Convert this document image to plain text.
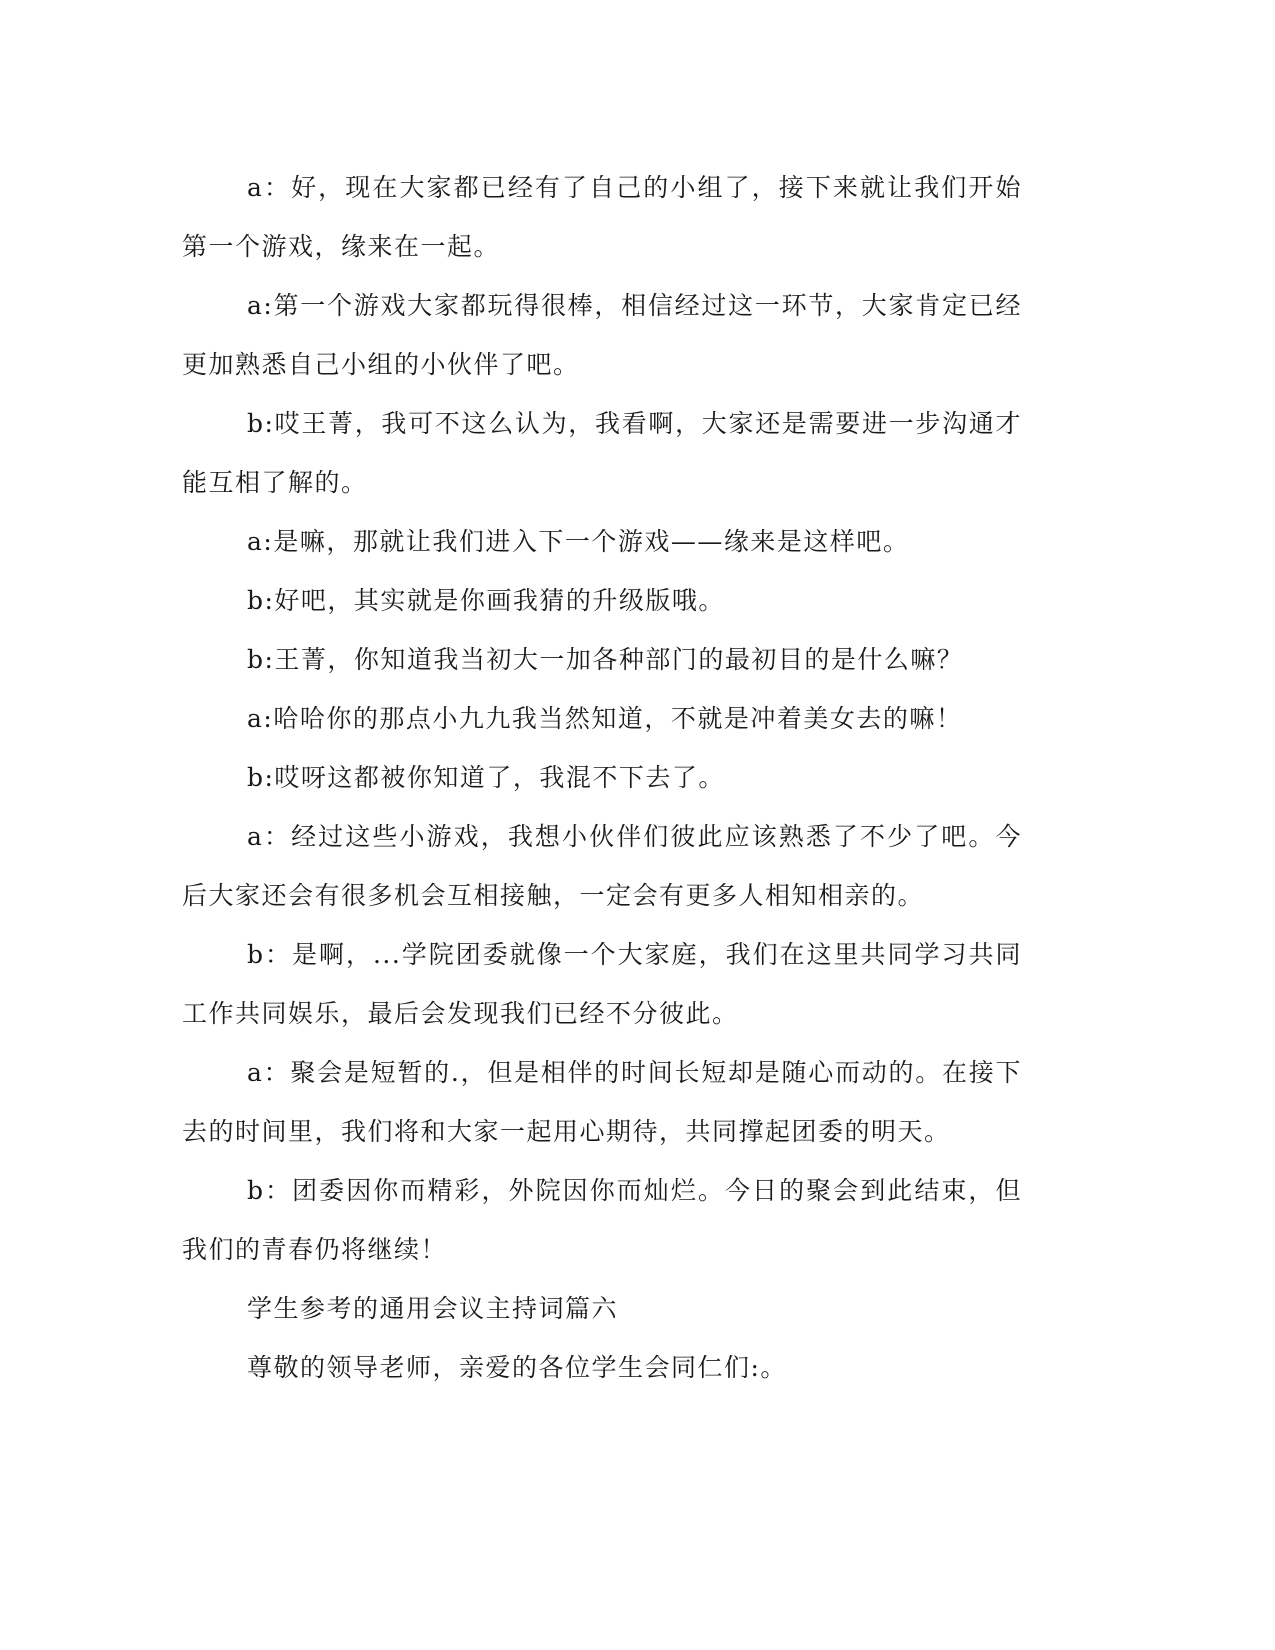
a：好，现在大家都已经有了自己的小组了，接下来就让我们开始第一个游戏，缘来在一起。

a:第一个游戏大家都玩得很棒，相信经过这一环节，大家肯定已经更加熟悉自己小组的小伙伴了吧。

b:哎王菁，我可不这么认为，我看啊，大家还是需要进一步沟通才能互相了解的。

a:是嘛，那就让我们进入下一个游戏——缘来是这样吧。

b:好吧，其实就是你画我猜的升级版哦。

b:王菁，你知道我当初大一加各种部门的最初目的是什么嘛？

a:哈哈你的那点小九九我当然知道，不就是冲着美女去的嘛！

b:哎呀这都被你知道了，我混不下去了。

a：经过这些小游戏，我想小伙伴们彼此应该熟悉了不少了吧。今后大家还会有很多机会互相接触，一定会有更多人相知相亲的。

b：是啊，...学院团委就像一个大家庭，我们在这里共同学习共同工作共同娱乐，最后会发现我们已经不分彼此。

a：聚会是短暂的.，但是相伴的时间长短却是随心而动的。在接下去的时间里，我们将和大家一起用心期待，共同撑起团委的明天。

b：团委因你而精彩，外院因你而灿烂。今日的聚会到此结束，但我们的青春仍将继续！

学生参考的通用会议主持词篇六

尊敬的领导老师，亲爱的各位学生会同仁们:。
